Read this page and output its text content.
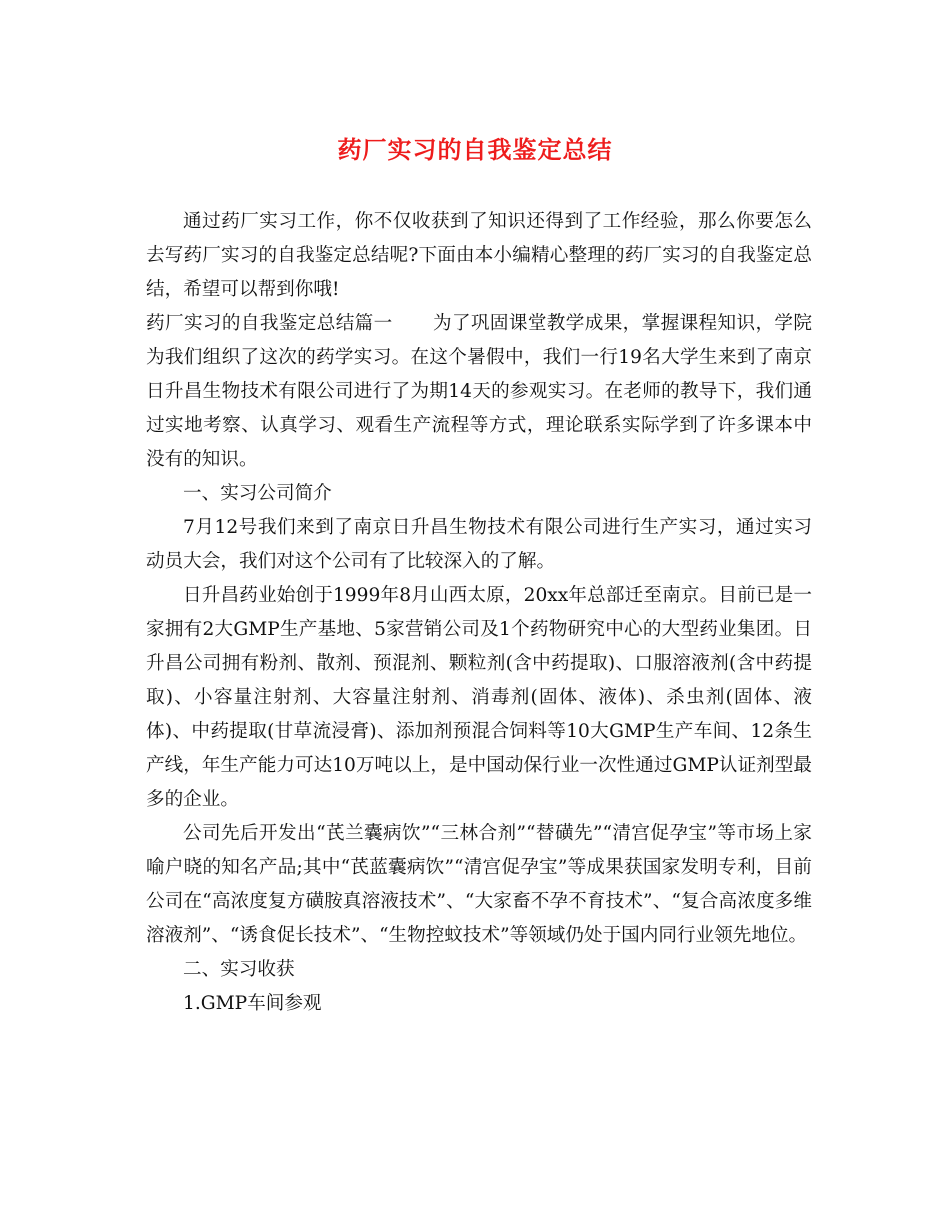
药厂实习的自我鉴定总结

通过药厂实习工作，你不仅收获到了知识还得到了工作经验，那么你要怎么去写药厂实习的自我鉴定总结呢?下面由本小编精心整理的药厂实习的自我鉴定总结，希望可以帮到你哦!

药厂实习的自我鉴定总结篇一 为了巩固课堂教学成果，掌握课程知识，学院为我们组织了这次的药学实习。在这个暑假中，我们一行19名大学生来到了南京日升昌生物技术有限公司进行了为期14天的参观实习。在老师的教导下，我们通过实地考察、认真学习、观看生产流程等方式，理论联系实际学到了许多课本中没有的知识。

一、实习公司简介

7月12号我们来到了南京日升昌生物技术有限公司进行生产实习，通过实习动员大会，我们对这个公司有了比较深入的了解。

日升昌药业始创于1999年8月山西太原，20xx年总部迁至南京。目前已是一家拥有2大GMP生产基地、5家营销公司及1个药物研究中心的大型药业集团。日升昌公司拥有粉剂、散剂、预混剂、颗粒剂(含中药提取)、口服溶液剂(含中药提取)、小容量注射剂、大容量注射剂、消毒剂(固体、液体)、杀虫剂(固体、液体)、中药提取(甘草流浸膏)、添加剂预混合饲料等10大GMP生产车间、12条生产线，年生产能力可达10万吨以上，是中国动保行业一次性通过GMP认证剂型最多的企业。

公司先后开发出“芪兰囊病饮”“三林合剂”“替磺先”“清宫促孕宝”等市场上家喻户晓的知名产品;其中“芪蓝囊病饮”“清宫促孕宝”等成果获国家发明专利，目前公司在“高浓度复方磺胺真溶液技术”、“大家畜不孕不育技术”、“复合高浓度多维溶液剂”、“诱食促长技术”、“生物控蚊技术”等领域仍处于国内同行业领先地位。

二、实习收获

1.GMP车间参观
